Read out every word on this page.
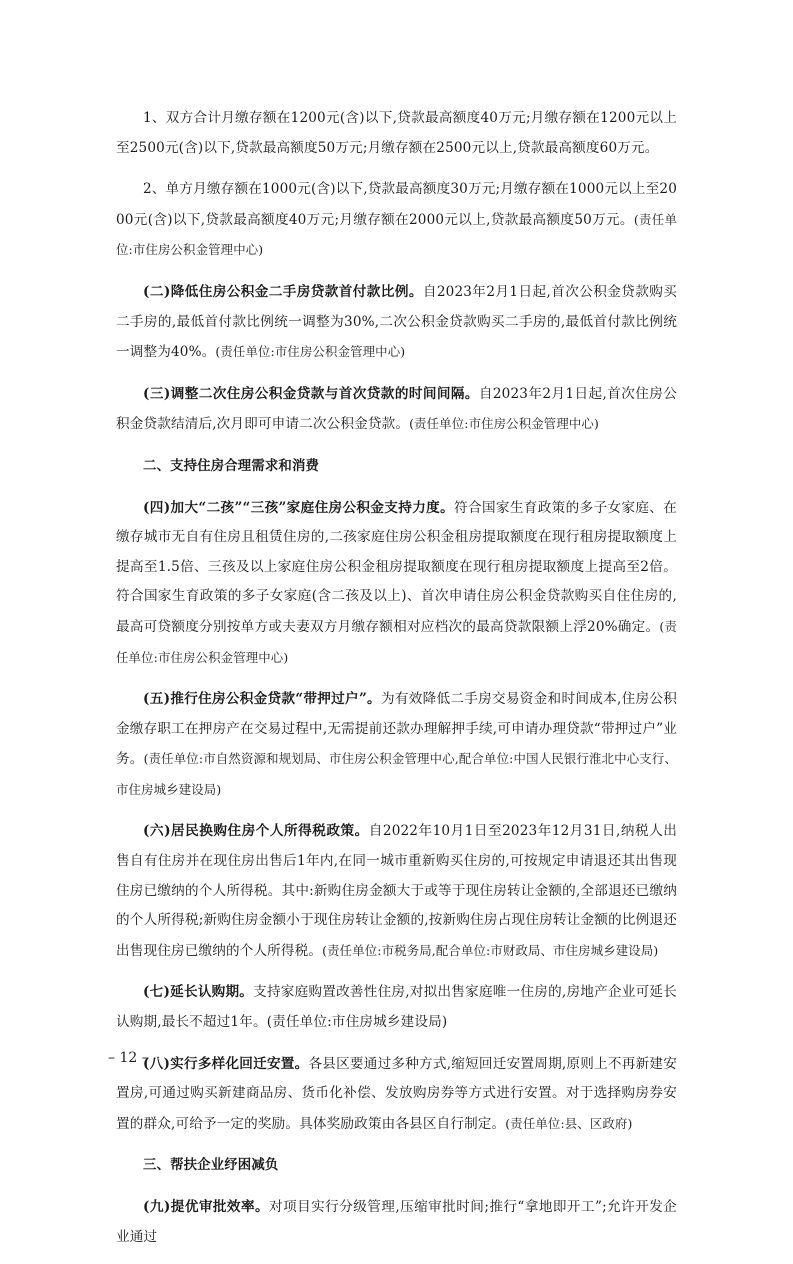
1、双方合计月缴存额在1200元(含)以下,贷款最高额度40万元;月缴存额在1200元以上至2500元(含)以下,贷款最高额度50万元;月缴存额在2500元以上,贷款最高额度60万元。

2、单方月缴存额在1000元(含)以下,贷款最高额度30万元;月缴存额在1000元以上至2000元(含)以下,贷款最高额度40万元;月缴存额在2000元以上,贷款最高额度50万元。(责任单位:市住房公积金管理中心)

(二)降低住房公积金二手房贷款首付款比例。自2023年2月1日起,首次公积金贷款购买二手房的,最低首付款比例统一调整为30%,二次公积金贷款购买二手房的,最低首付款比例统一调整为40%。(责任单位:市住房公积金管理中心)

(三)调整二次住房公积金贷款与首次贷款的时间间隔。自2023年2月1日起,首次住房公积金贷款结清后,次月即可申请二次公积金贷款。(责任单位:市住房公积金管理中心)

二、支持住房合理需求和消费

(四)加大“二孩”“三孩”家庭住房公积金支持力度。符合国家生育政策的多子女家庭、在缴存城市无自有住房且租赁住房的,二孩家庭住房公积金租房提取额度在现行租房提取额度上提高至1.5倍、三孩及以上家庭住房公积金租房提取额度在现行租房提取额度上提高至2倍。符合国家生育政策的多子女家庭(含二孩及以上)、首次申请住房公积金贷款购买自住住房的,最高可贷额度分别按单方或夫妻双方月缴存额相对应档次的最高贷款限额上浮20%确定。(责任单位:市住房公积金管理中心)

(五)推行住房公积金贷款“带押过户”。为有效降低二手房交易资金和时间成本,住房公积金缴存职工在押房产在交易过程中,无需提前还款办理解押手续,可申请办理贷款“带押过户”业务。(责任单位:市自然资源和规划局、市住房公积金管理中心,配合单位:中国人民银行淮北中心支行、市住房城乡建设局)

(六)居民换购住房个人所得税政策。自2022年10月1日至2023年12月31日,纳税人出售自有住房并在现住房出售后1年内,在同一城市重新购买住房的,可按规定申请退还其出售现住房已缴纳的个人所得税。其中:新购住房金额大于或等于现住房转让金额的,全部退还已缴纳的个人所得税;新购住房金额小于现住房转让金额的,按新购住房占现住房转让金额的比例退还出售现住房已缴纳的个人所得税。(责任单位:市税务局,配合单位:市财政局、市住房城乡建设局)

(七)延长认购期。支持家庭购置改善性住房,对拟出售家庭唯一住房的,房地产企业可延长认购期,最长不超过1年。(责任单位:市住房城乡建设局)

(八)实行多样化回迁安置。各县区要通过多种方式,缩短回迁安置周期,原则上不再新建安置房,可通过购买新建商品房、货币化补偿、发放购房券等方式进行安置。对于选择购房券安置的群众,可给予一定的奖励。具体奖励政策由各县区自行制定。(责任单位:县、区政府)

三、帮扶企业纾困减负

(九)提优审批效率。对项目实行分级管理,压缩审批时间;推行“拿地即开工”;允许开发企业通过

– 12 –
